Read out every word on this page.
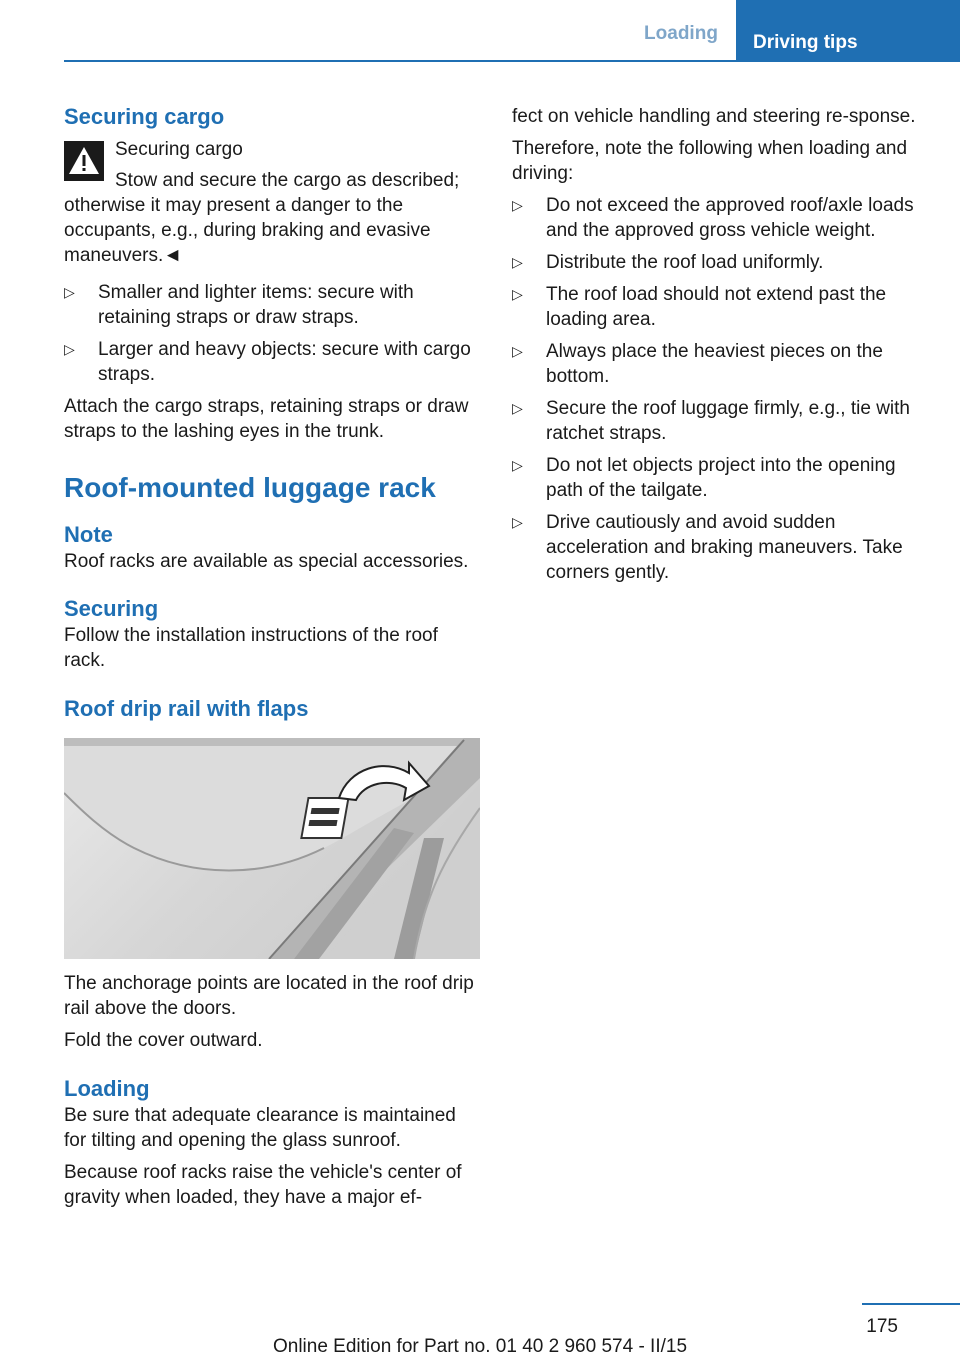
Loading	Driving tips

Securing cargo

Securing cargo

Stow and secure the cargo as described; otherwise it may present a danger to the occupants, e.g., during braking and evasive maneuvers.◄

▷ Smaller and lighter items: secure with retaining straps or draw straps.
▷ Larger and heavy objects: secure with cargo straps.

Attach the cargo straps, retaining straps or draw straps to the lashing eyes in the trunk.

Roof-mounted luggage rack

Note

Roof racks are available as special accessories.

Securing

Follow the installation instructions of the roof rack.

Roof drip rail with flaps

The anchorage points are located in the roof drip rail above the doors.

Fold the cover outward.

Loading

Be sure that adequate clearance is maintained for tilting and opening the glass sunroof.

Because roof racks raise the vehicle's center of gravity when loaded, they have a major ef-

fect on vehicle handling and steering re-sponse.

Therefore, note the following when loading and driving:

▷ Do not exceed the approved roof/axle loads and the approved gross vehicle weight.
▷ Distribute the roof load uniformly.
▷ The roof load should not extend past the loading area.
▷ Always place the heaviest pieces on the bottom.
▷ Secure the roof luggage firmly, e.g., tie with ratchet straps.
▷ Do not let objects project into the opening path of the tailgate.
▷ Drive cautiously and avoid sudden acceleration and braking maneuvers. Take corners gently.
175
Online Edition for Part no. 01 40 2 960 574 - II/15
